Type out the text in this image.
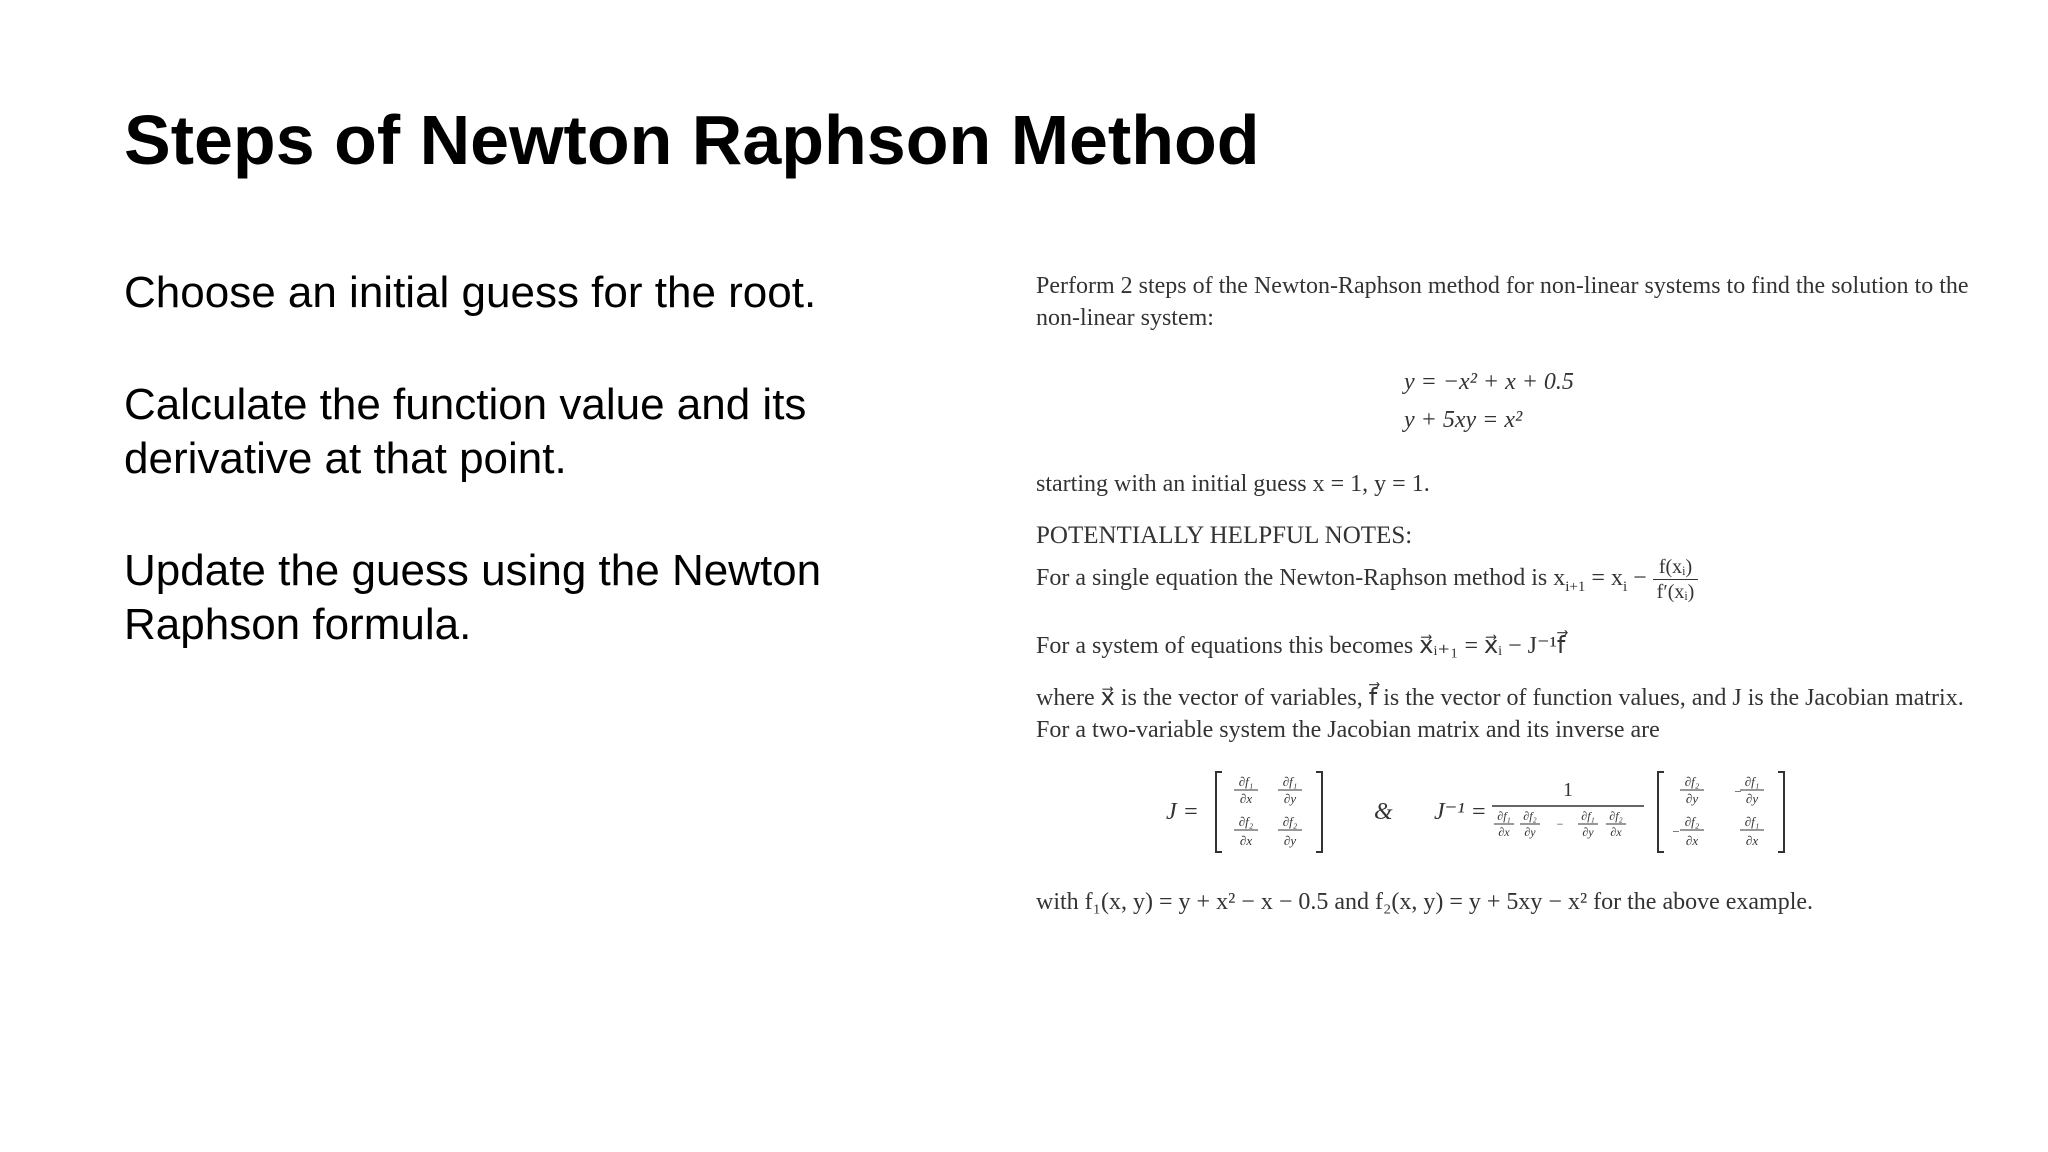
Steps of Newton Raphson Method
Choose an initial guess for the root.
Calculate the function value and its
derivative at that point.
Update the guess using the Newton
Raphson formula.
Perform 2 steps of the Newton-Raphson method for non-linear systems to find the solution to the
non-linear system:
y = −x² + x + 0.5
y + 5xy = x²
starting with an initial guess x = 1, y = 1.
POTENTIALLY HELPFUL NOTES:
For a single equation the Newton-Raphson method is $x_{i+1} = x_i - \frac{\text{f(xᵢ)}}{\text{f′(xᵢ)}}$
For a system of equations this becomes x⃗ᵢ₊₁ = x⃗ᵢ − J⁻¹f⃗
where x⃗ is the vector of variables, f⃗ is the vector of function values, and J is the Jacobian matrix.
For a two-variable system the Jacobian matrix and its inverse are
J =
∂f₁
∂x
∂f₁
∂y
∂f₂
∂x
∂f₂
∂y
& J⁻¹ =
1
∂f₁
∂x
∂f₂
∂y
−
∂f₁
∂y
∂f₂
∂x
∂f₂
∂y	−
∂f₁
∂y
−
∂f₂
∂x
∂f₁
∂x
with f₁(x, y) = y + x² − x − 0.5 and f₂(x, y) = y + 5xy − x² for the above example.
